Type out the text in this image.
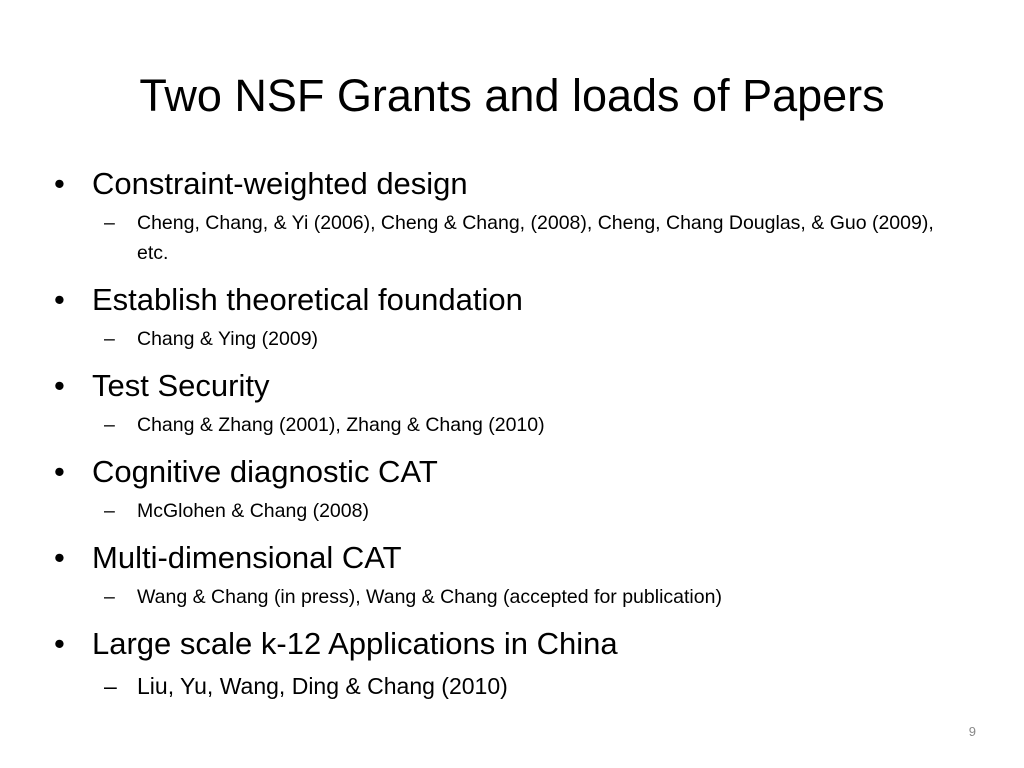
Two NSF Grants and loads of Papers
• Constraint-weighted design
– Cheng, Chang, & Yi (2006), Cheng & Chang, (2008), Cheng, Chang Douglas, & Guo (2009), etc.
• Establish theoretical foundation
– Chang & Ying (2009)
• Test Security
– Chang & Zhang (2001), Zhang & Chang (2010)
• Cognitive diagnostic CAT
– McGlohen & Chang (2008)
• Multi-dimensional CAT
– Wang & Chang (in press), Wang & Chang (accepted for publication)
• Large scale k-12 Applications in China
– Liu, Yu, Wang, Ding & Chang (2010)
9
